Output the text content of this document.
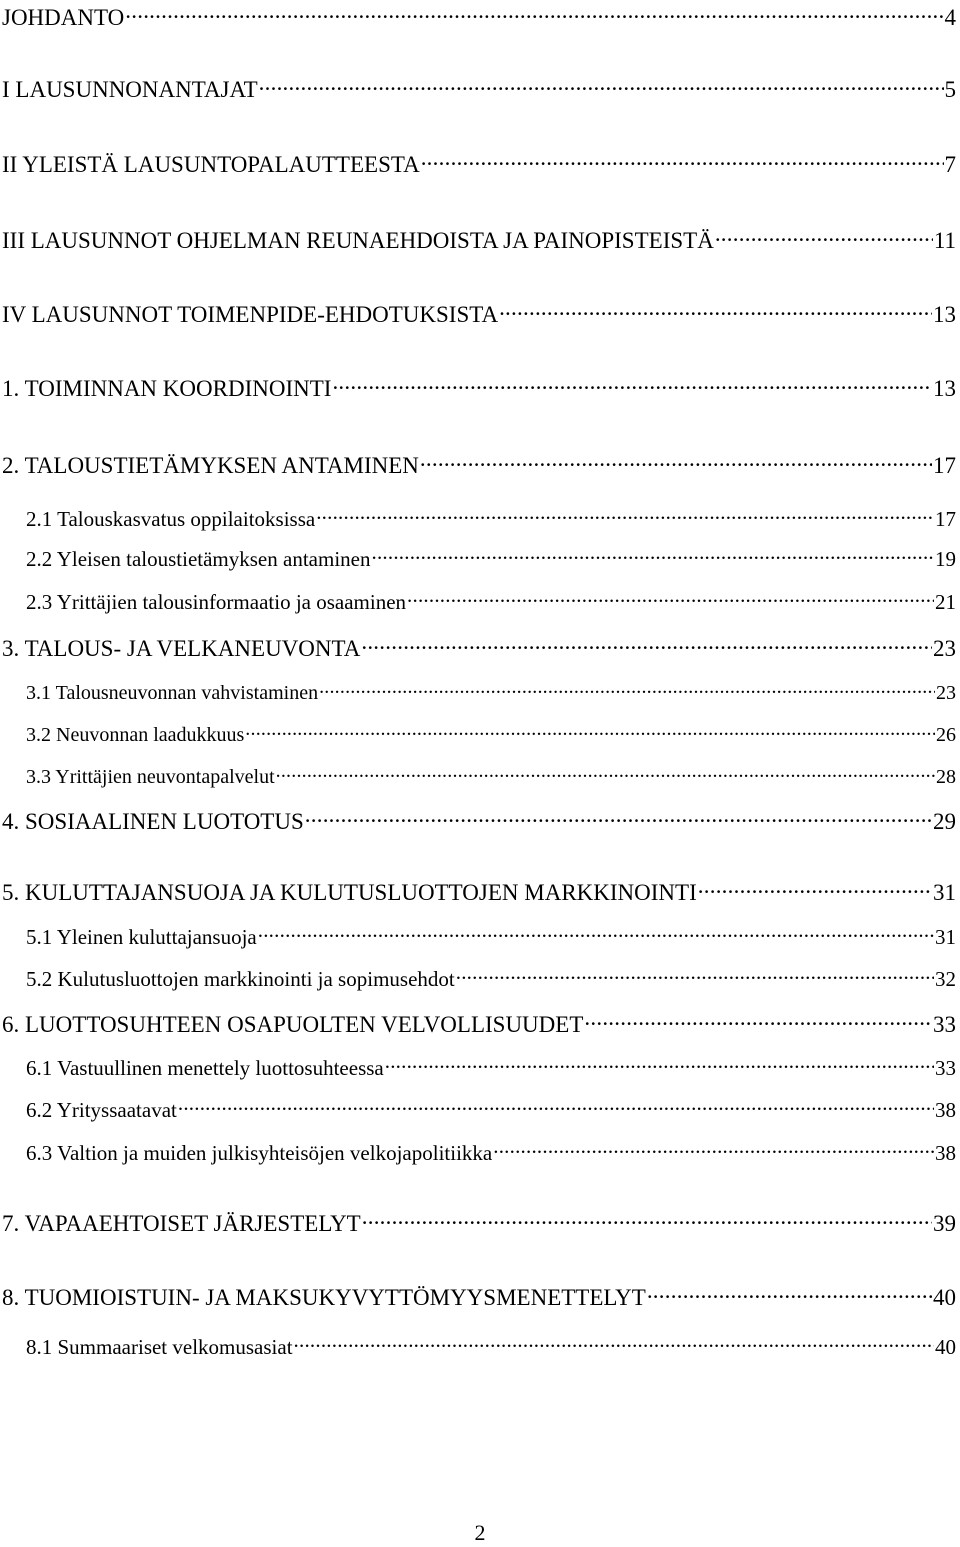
JOHDANTO .....	4
I LAUSUNNONANTAJAT .....	5
II YLEISTÄ LAUSUNTOPALAUTTEESTA .....	7
III LAUSUNNOT OHJELMAN REUNAEHDOISTA JA PAINOPISTEISTÄ .....	11
IV LAUSUNNOT TOIMENPIDE-EHDOTUKSISTA .....	13
1. TOIMINNAN KOORDINOINTI .....	13
2. TALOUSTIETÄMYKSEN ANTAMINEN .....	17
2.1 Talouskasvatus oppilaitoksissa .....	17
2.2 Yleisen taloustietämyksen antaminen .....	19
2.3 Yrittäjien talousinformaatio ja osaaminen .....	21
3. TALOUS- JA VELKANEUVONTA .....	23
3.1 Talousneuvonnan vahvistaminen .....	23
3.2 Neuvonnan laadukkuus .....	26
3.3 Yrittäjien neuvontapalvelut .....	28
4. SOSIAALINEN LUOTOTUS .....	29
5. KULUTTAJANSUOJA JA KULUTUSLUOTTOJEN MARKKINOINTI .....	31
5.1 Yleinen kuluttajansuoja .....	31
5.2 Kulutusluottojen markkinointi ja sopimusehdot .....	32
6. LUOTTOSUHTEEN OSAPUOLTEN VELVOLLISUUDET .....	33
6.1 Vastuullinen menettely luottosuhteessa .....	33
6.2 Yrityssaatavat .....	38
6.3 Valtion ja muiden julkisyhteisöjen velkojapolitiikka .....	38
7. VAPAAEHTOISET JÄRJESTELYT .....	39
8. TUOMIOISTUIN- JA MAKSUKYVYTTÖMYYSMENETTELYT .....	40
8.1 Summaariset velkomusasiat .....	40
2
